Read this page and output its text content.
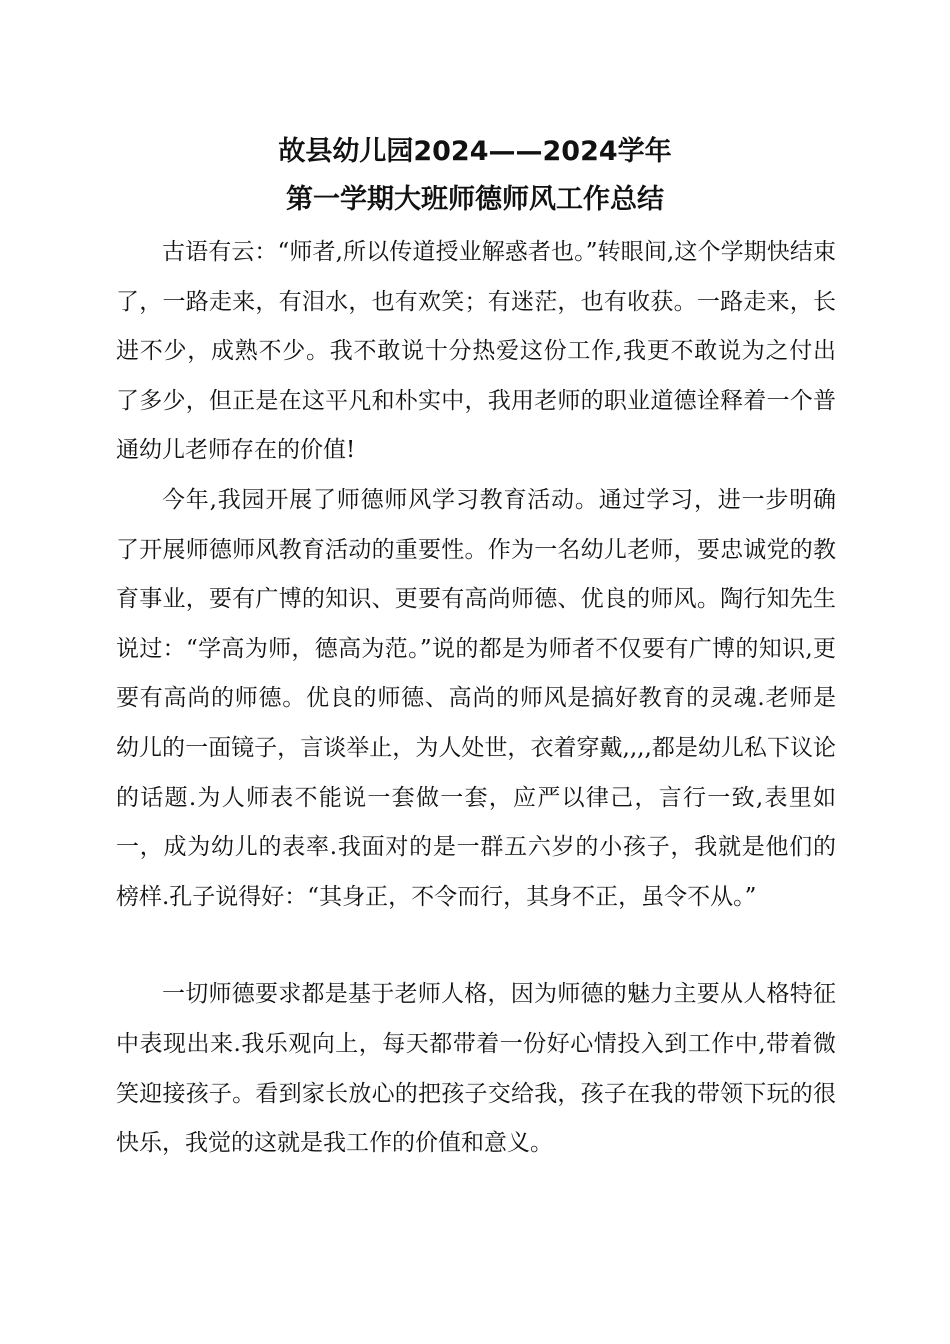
故县幼儿园2024——2024学年
第一学期大班师德师风工作总结

古语有云：“师者,所以传道授业解惑者也。”转眼间,这个学期快结束了，一路走来，有泪水，也有欢笑；有迷茫，也有收获。一路走来，长进不少，成熟不少。我不敢说十分热爱这份工作,我更不敢说为之付出了多少，但正是在这平凡和朴实中，我用老师的职业道德诠释着一个普通幼儿老师存在的价值!

今年,我园开展了师德师风学习教育活动。通过学习，进一步明确了开展师德师风教育活动的重要性。作为一名幼儿老师，要忠诚党的教育事业，要有广博的知识、更要有高尚师德、优良的师风。陶行知先生说过：“学高为师，德高为范。”说的都是为师者不仅要有广博的知识,更要有高尚的师德。优良的师德、高尚的师风是搞好教育的灵魂.老师是幼儿的一面镜子，言谈举止，为人处世，衣着穿戴,,,,都是幼儿私下议论的话题.为人师表不能说一套做一套，应严以律己，言行一致,表里如一，成为幼儿的表率.我面对的是一群五六岁的小孩子，我就是他们的榜样.孔子说得好：“其身正，不令而行，其身不正，虽令不从。”

一切师德要求都是基于老师人格，因为师德的魅力主要从人格特征中表现出来.我乐观向上，每天都带着一份好心情投入到工作中,带着微笑迎接孩子。看到家长放心的把孩子交给我，孩子在我的带领下玩的很快乐，我觉的这就是我工作的价值和意义。
